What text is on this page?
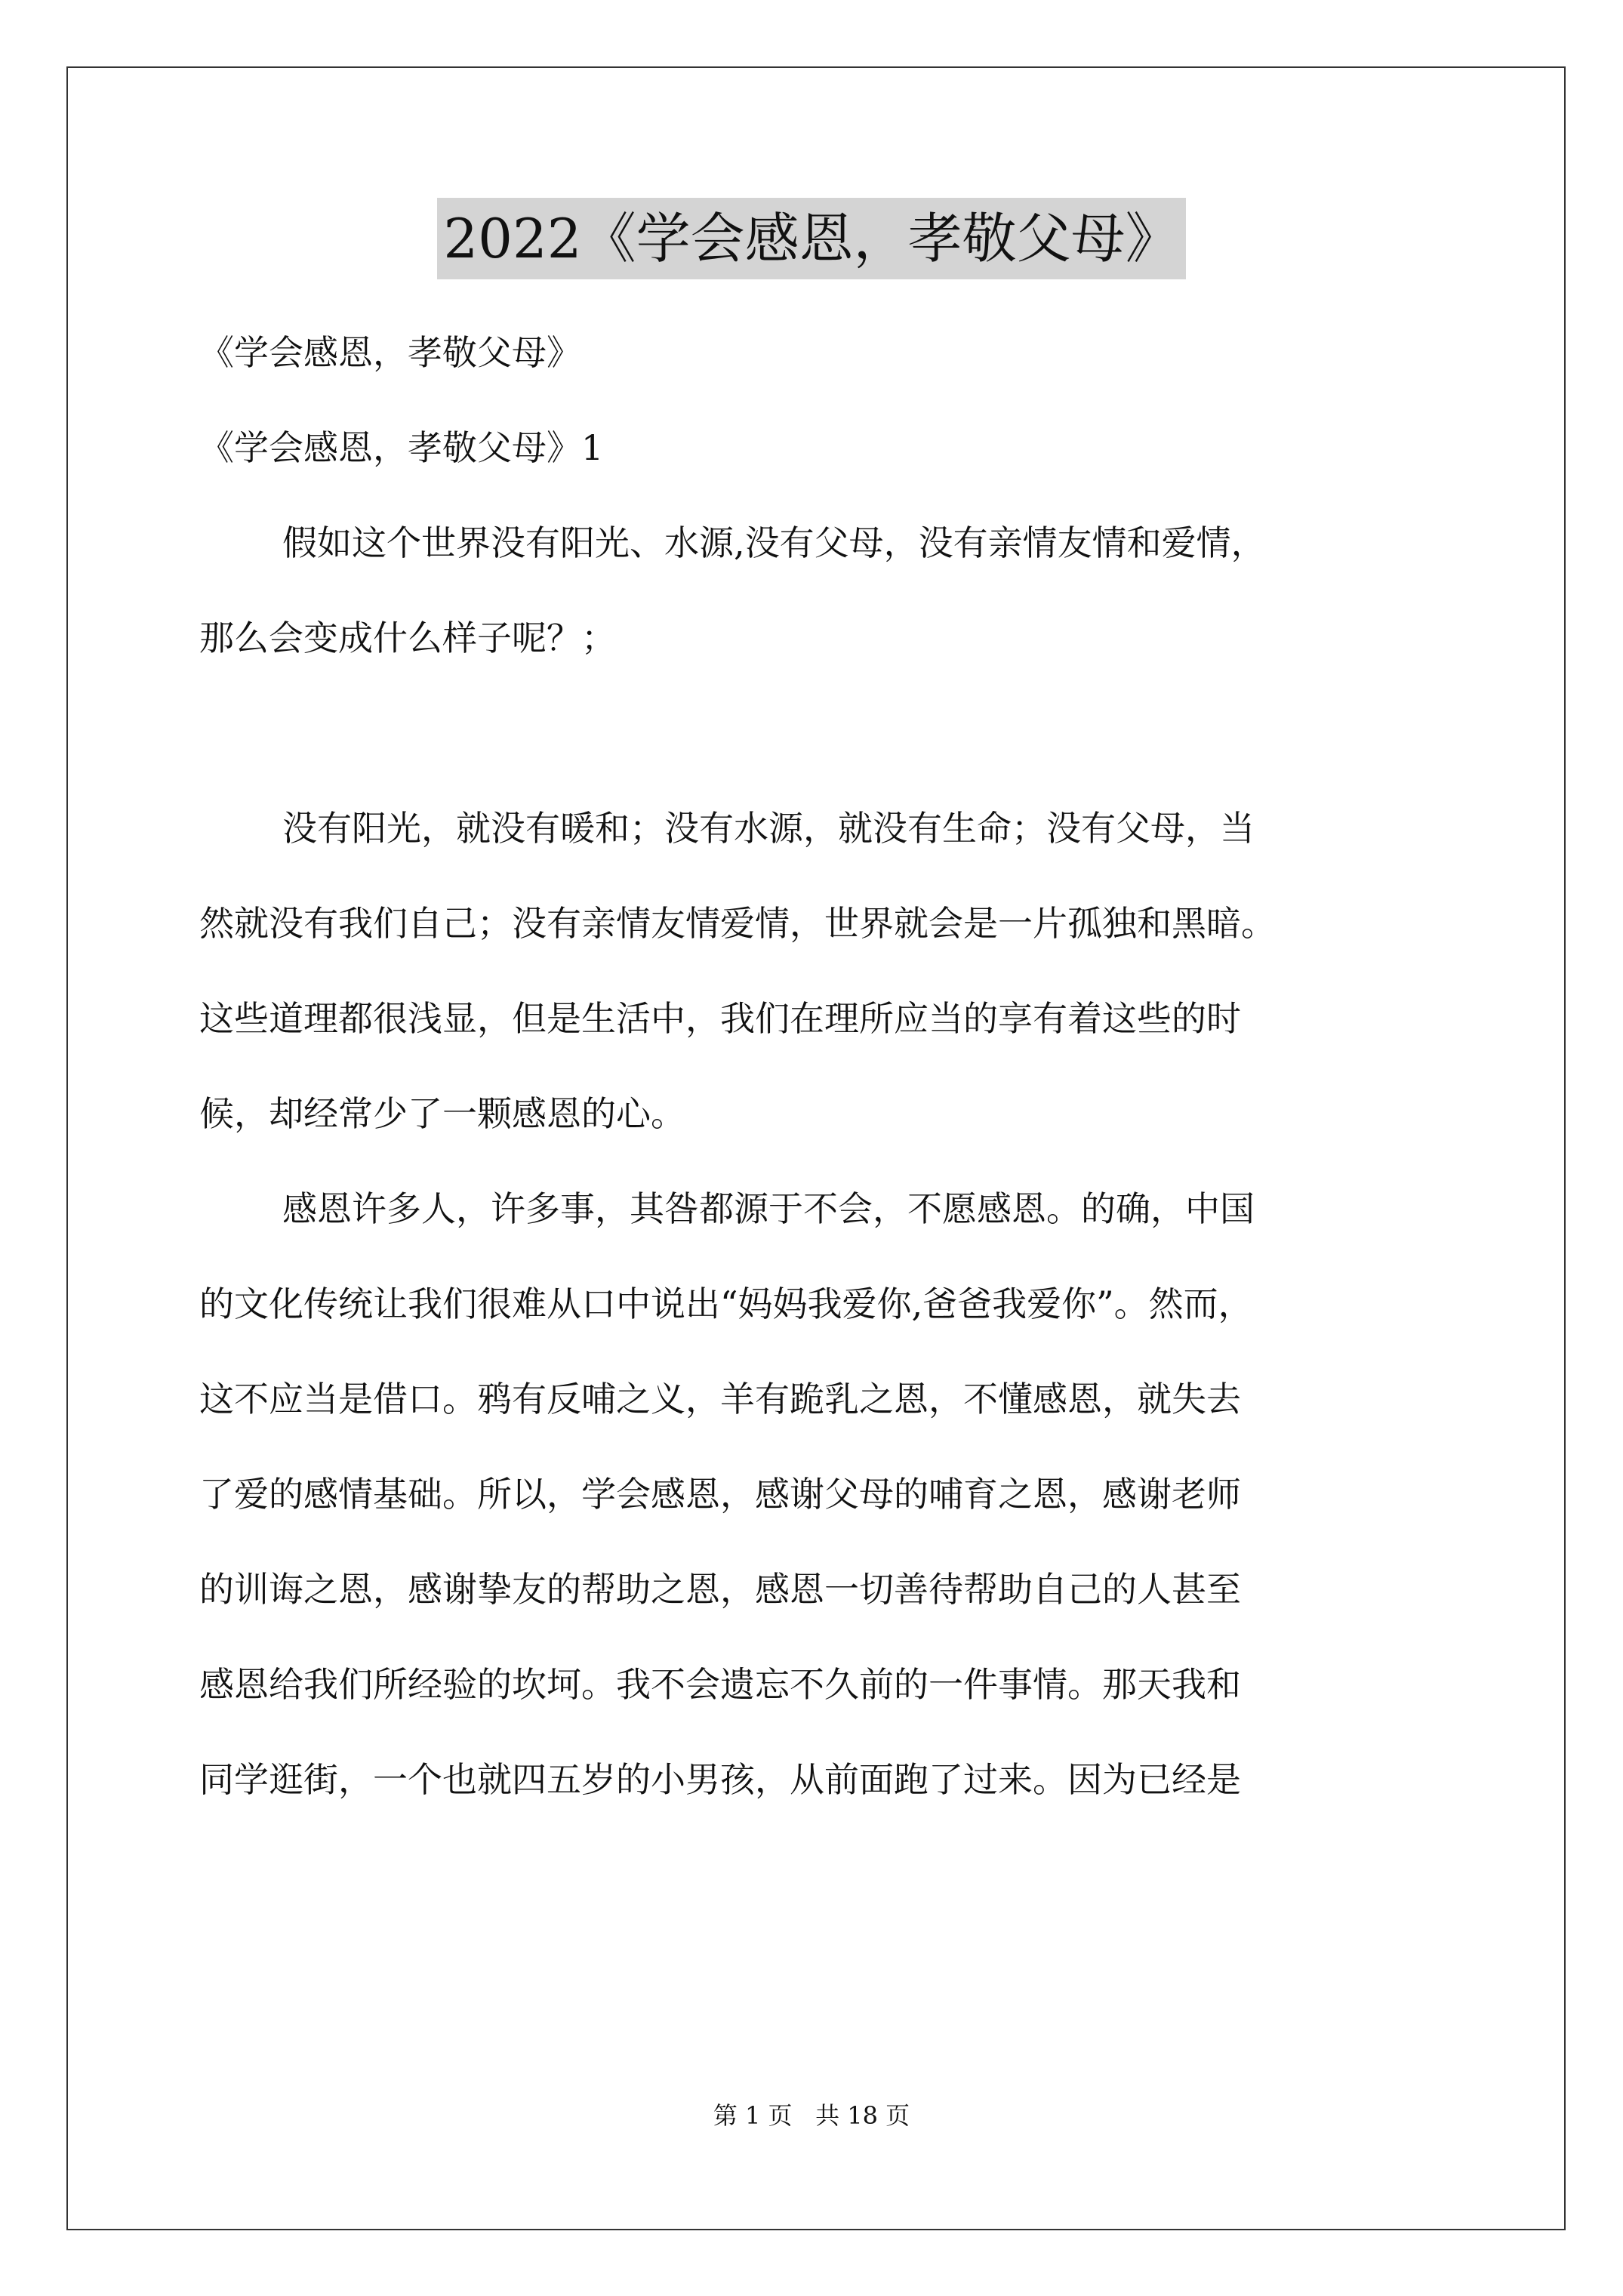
2022《学会感恩，孝敬父母》
《学会感恩，孝敬父母》
《学会感恩，孝敬父母》1
假如这个世界没有阳光、水源,没有父母，没有亲情友情和爱情，
那么会变成什么样子呢？；
没有阳光，就没有暖和；没有水源，就没有生命；没有父母，当
然就没有我们自己；没有亲情友情爱情，世界就会是一片孤独和黑暗。
这些道理都很浅显，但是生活中，我们在理所应当的享有着这些的时
候，却经常少了一颗感恩的心。
感恩许多人，许多事，其咎都源于不会，不愿感恩。的确，中国
的文化传统让我们很难从口中说出“妈妈我爱你,爸爸我爱你”。然而，
这不应当是借口。鸦有反哺之义，羊有跪乳之恩，不懂感恩，就失去
了爱的感情基础。所以，学会感恩，感谢父母的哺育之恩，感谢老师
的训诲之恩，感谢挚友的帮助之恩，感恩一切善待帮助自己的人甚至
感恩给我们所经验的坎坷。我不会遗忘不久前的一件事情。那天我和
同学逛街，一个也就四五岁的小男孩，从前面跑了过来。因为已经是
第 1 页   共 18 页
